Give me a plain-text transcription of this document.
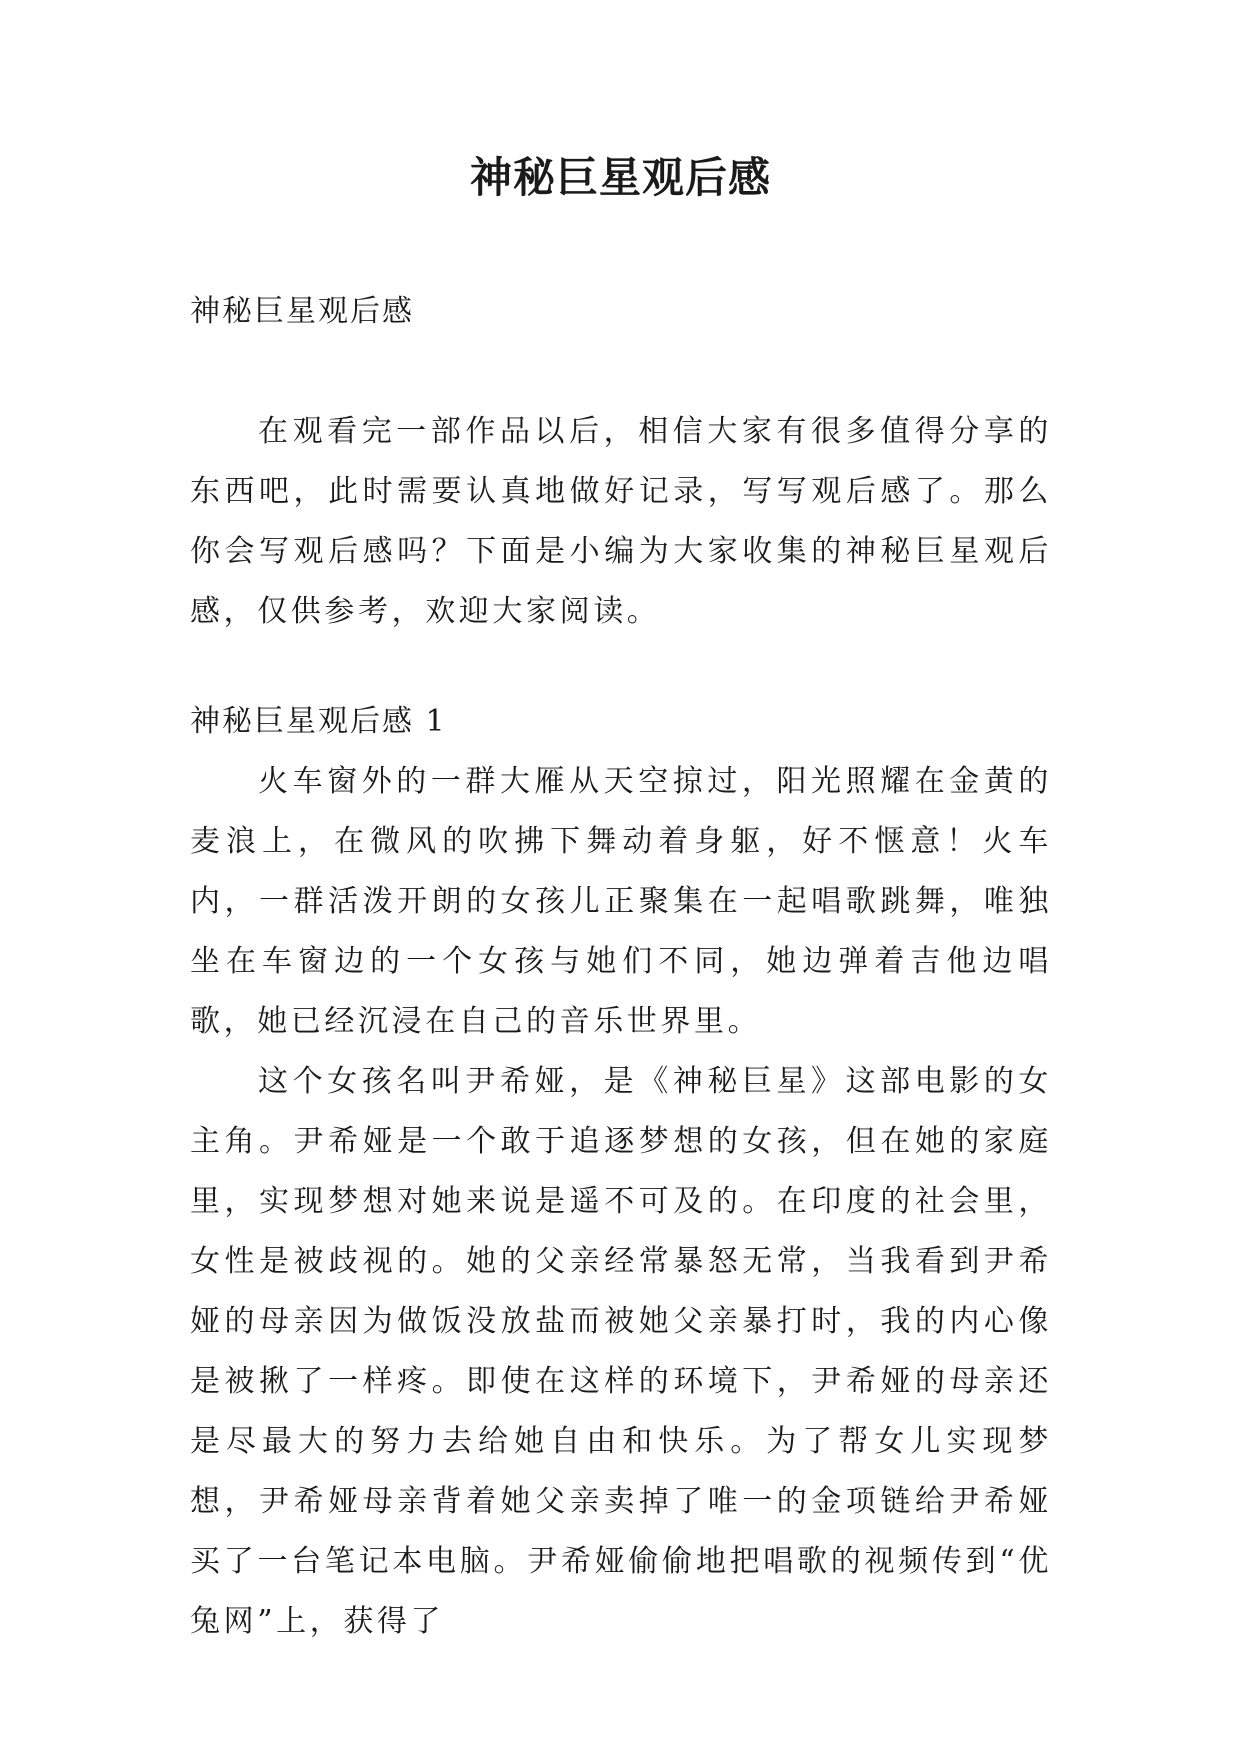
神秘巨星观后感

神秘巨星观后感

在观看完一部作品以后，相信大家有很多值得分享的东西吧，此时需要认真地做好记录，写写观后感了。那么你会写观后感吗？下面是小编为大家收集的神秘巨星观后感，仅供参考，欢迎大家阅读。

神秘巨星观后感 1

火车窗外的一群大雁从天空掠过，阳光照耀在金黄的麦浪上，在微风的吹拂下舞动着身躯，好不惬意！火车内，一群活泼开朗的女孩儿正聚集在一起唱歌跳舞，唯独坐在车窗边的一个女孩与她们不同，她边弹着吉他边唱歌，她已经沉浸在自己的音乐世界里。

这个女孩名叫尹希娅，是《神秘巨星》这部电影的女主角。尹希娅是一个敢于追逐梦想的女孩，但在她的家庭里，实现梦想对她来说是遥不可及的。在印度的社会里，女性是被歧视的。她的父亲经常暴怒无常，当我看到尹希娅的母亲因为做饭没放盐而被她父亲暴打时，我的内心像是被揪了一样疼。即使在这样的环境下，尹希娅的母亲还是尽最大的努力去给她自由和快乐。为了帮女儿实现梦想，尹希娅母亲背着她父亲卖掉了唯一的金项链给尹希娅买了一台笔记本电脑。尹希娅偷偷地把唱歌的视频传到“优兔网”上，获得了
